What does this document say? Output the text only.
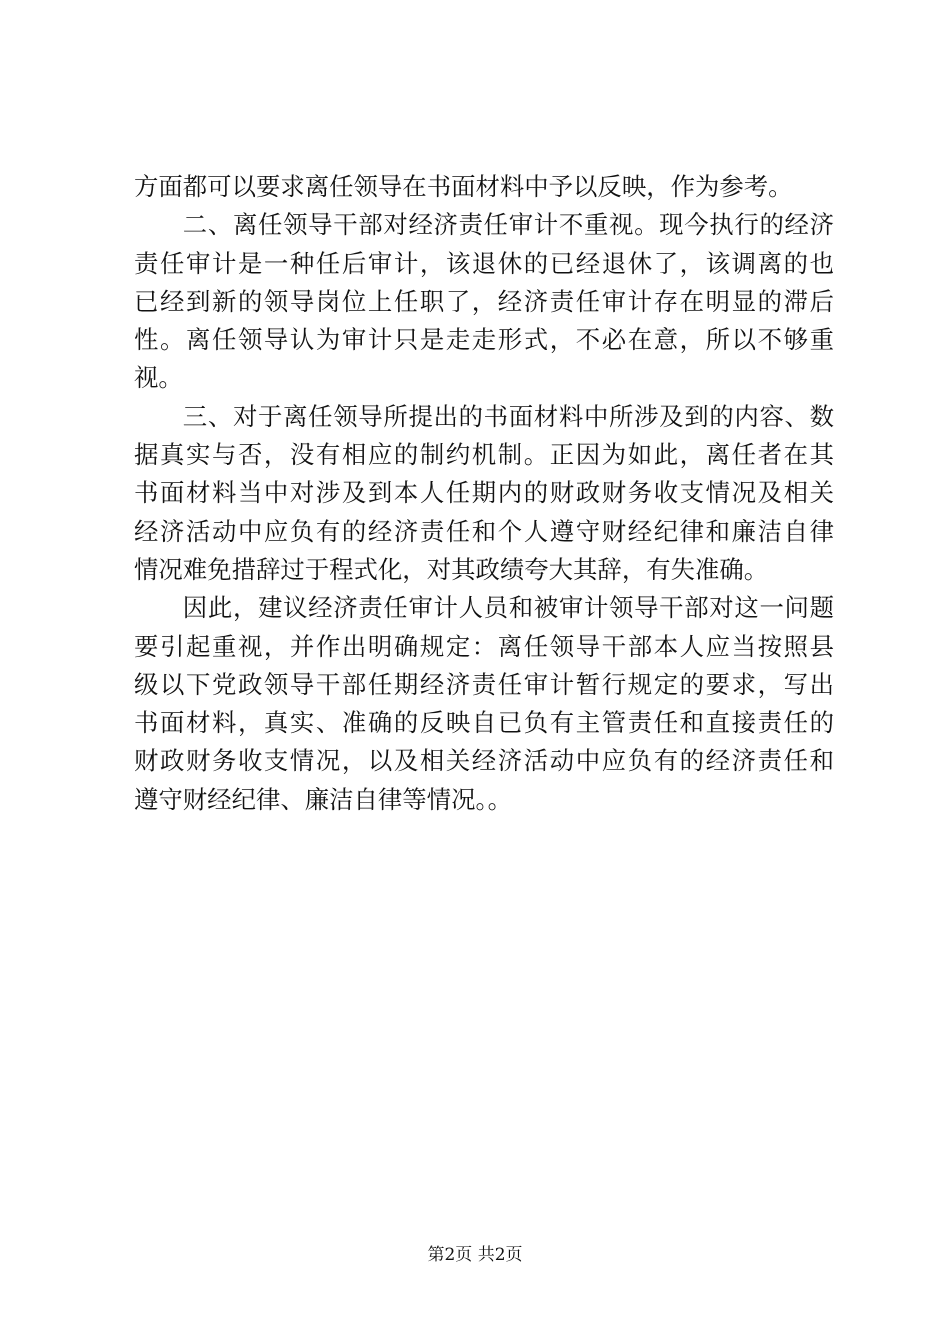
方面都可以要求离任领导在书面材料中予以反映，作为参考。
二、离任领导干部对经济责任审计不重视。现今执行的经济
责任审计是一种任后审计，该退休的已经退休了，该调离的也
已经到新的领导岗位上任职了，经济责任审计存在明显的滞后
性。离任领导认为审计只是走走形式，不必在意，所以不够重
视。
三、对于离任领导所提出的书面材料中所涉及到的内容、数
据真实与否，没有相应的制约机制。正因为如此，离任者在其
书面材料当中对涉及到本人任期内的财政财务收支情况及相关
经济活动中应负有的经济责任和个人遵守财经纪律和廉洁自律
情况难免措辞过于程式化，对其政绩夸大其辞，有失准确。
因此，建议经济责任审计人员和被审计领导干部对这一问题
要引起重视，并作出明确规定：离任领导干部本人应当按照县
级以下党政领导干部任期经济责任审计暂行规定的要求，写出
书面材料，真实、准确的反映自已负有主管责任和直接责任的
财政财务收支情况，以及相关经济活动中应负有的经济责任和
遵守财经纪律、廉洁自律等情况。。
第2页 共2页
